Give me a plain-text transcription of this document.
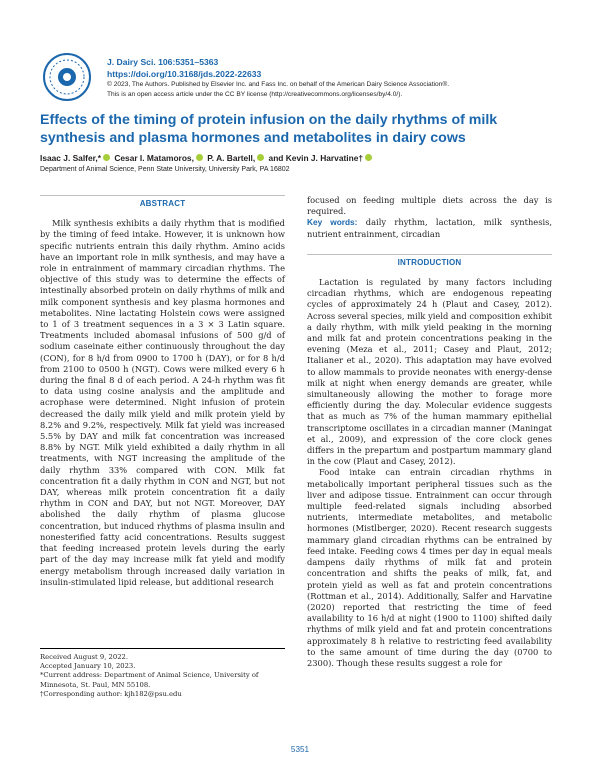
J. Dairy Sci. 106:5351–5363
https://doi.org/10.3168/jds.2022-22633
© 2023, The Authors. Published by Elsevier Inc. and Fass Inc. on behalf of the American Dairy Science Association®.
This is an open access article under the CC BY license (http://creativecommons.org/licenses/by/4.0/).
Effects of the timing of protein infusion on the daily rhythms of milk synthesis and plasma hormones and metabolites in dairy cows
Isaac J. Salfer,* Cesar I. Matamoros, P. A. Bartell, and Kevin J. Harvatine†
Department of Animal Science, Penn State University, University Park, PA 16802
ABSTRACT

Milk synthesis exhibits a daily rhythm that is modified by the timing of feed intake. However, it is unknown how specific nutrients entrain this daily rhythm. Amino acids have an important role in milk synthesis, and may have a role in entrainment of mammary circadian rhythms. The objective of this study was to determine the effects of intestinally absorbed protein on daily rhythms of milk and milk component synthesis and key plasma hormones and metabolites. Nine lactating Holstein cows were assigned to 1 of 3 treatment sequences in a 3 × 3 Latin square. Treatments included abomasal infusions of 500 g/d of sodium caseinate either continuously throughout the day (CON), for 8 h/d from 0900 to 1700 h (DAY), or for 8 h/d from 2100 to 0500 h (NGT). Cows were milked every 6 h during the final 8 d of each period. A 24-h rhythm was fit to data using cosine analysis and the amplitude and acrophase were determined. Night infusion of protein decreased the daily milk yield and milk protein yield by 8.2% and 9.2%, respectively. Milk fat yield was increased 5.5% by DAY and milk fat concentration was increased 8.8% by NGT. Milk yield exhibited a daily rhythm in all treatments, with NGT increasing the amplitude of the daily rhythm 33% compared with CON. Milk fat concentration fit a daily rhythm in CON and NGT, but not DAY, whereas milk protein concentration fit a daily rhythm in CON and DAY, but not NGT. Moreover, DAY abolished the daily rhythm of plasma glucose concentration, but induced rhythms of plasma insulin and nonesterified fatty acid concentrations. Results suggest that feeding increased protein levels during the early part of the day may increase milk fat yield and modify energy metabolism through increased daily variation in insulin-stimulated lipid release, but additional research

focused on feeding multiple diets across the day is required.

Key words: daily rhythm, lactation, milk synthesis, nutrient entrainment, circadian

INTRODUCTION

Lactation is regulated by many factors including circadian rhythms, which are endogenous repeating cycles of approximately 24 h (Plaut and Casey, 2012). Across several species, milk yield and composition exhibit a daily rhythm, with milk yield peaking in the morning and milk fat and protein concentrations peaking in the evening (Meza et al., 2011; Casey and Plaut, 2012; Italianer et al., 2020). This adaptation may have evolved to allow mammals to provide neonates with energy-dense milk at night when energy demands are greater, while simultaneously allowing the mother to forage more efficiently during the day. Molecular evidence suggests that as much as 7% of the human mammary epithelial transcriptome oscillates in a circadian manner (Maningat et al., 2009), and expression of the core clock genes differs in the prepartum and postpartum mammary gland in the cow (Plaut and Casey, 2012).

Food intake can entrain circadian rhythms in metabolically important peripheral tissues such as the liver and adipose tissue. Entrainment can occur through multiple feed-related signals including absorbed nutrients, intermediate metabolites, and metabolic hormones (Mistlberger, 2020). Recent research suggests mammary gland circadian rhythms can be entrained by feed intake. Feeding cows 4 times per day in equal meals dampens daily rhythms of milk fat and protein concentration and shifts the peaks of milk, fat, and protein yield as well as fat and protein concentrations (Rottman et al., 2014). Additionally, Salfer and Harvatine (2020) reported that restricting the time of feed availability to 16 h/d at night (1900 to 1100) shifted daily rhythms of milk yield and fat and protein concentrations approximately 8 h relative to restricting feed availability to the same amount of time during the day (0700 to 2300). Though these results suggest a role for

Received August 9, 2022.
Accepted January 10, 2023.
*Current address: Department of Animal Science, University of Minnesota, St. Paul, MN 55108.
†Corresponding author: kjh182@psu.edu
5351
